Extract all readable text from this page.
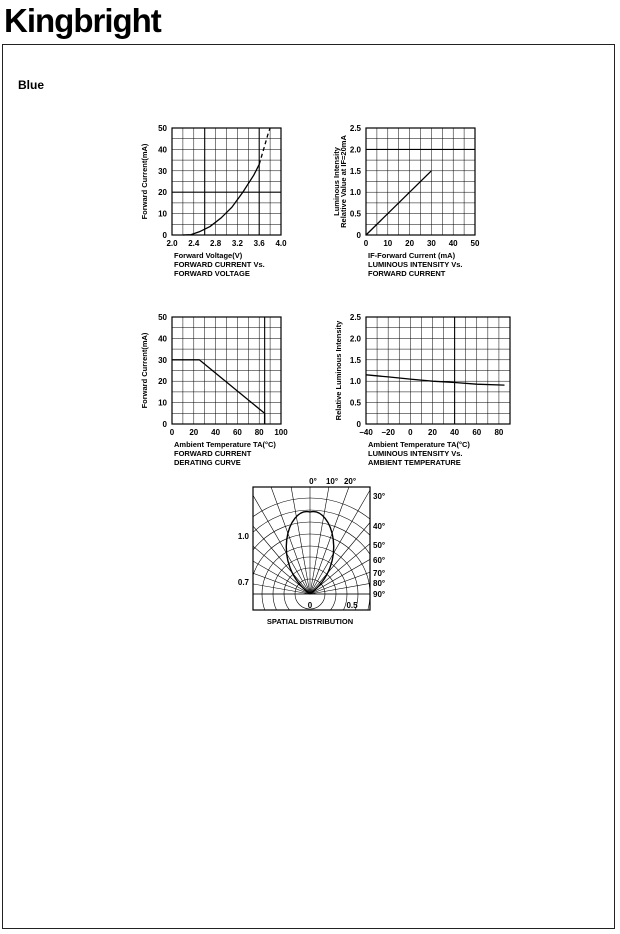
Kingbright
Blue
2.0 2.4 2.8 3.2 3.6 4.0
0
10
20
30
40
50
Forward Voltage(V)
Forward Current(mA)
FORWARD CURRENT Vs.
FORWARD VOLTAGE
0 10 20 30 40 50
0
0.5
1.0
1.5
2.0
2.5
IF-Forward Current (mA)
Luminous Intensity
Relative Value at IF=20mA
LUMINOUS INTENSITY Vs.
FORWARD CURRENT
0 20 40 60 80 100
0
10
20
30
40
50
Ambient Temperature TA(°C)
Forward Current(mA)
FORWARD CURRENT
DERATING CURVE
−40 −20 0 20 40 60 80
0
0.5
1.0
1.5
2.0
2.5
Ambient Temperature TA(°C)
Relative Luminous Intensity
LUMINOUS INTENSITY Vs.
AMBIENT TEMPERATURE
0° 10° 20°
30°
40°
50°
60°
70°
80°
90°
1.0
0.7
0	0.5
SPATIAL DISTRIBUTION
